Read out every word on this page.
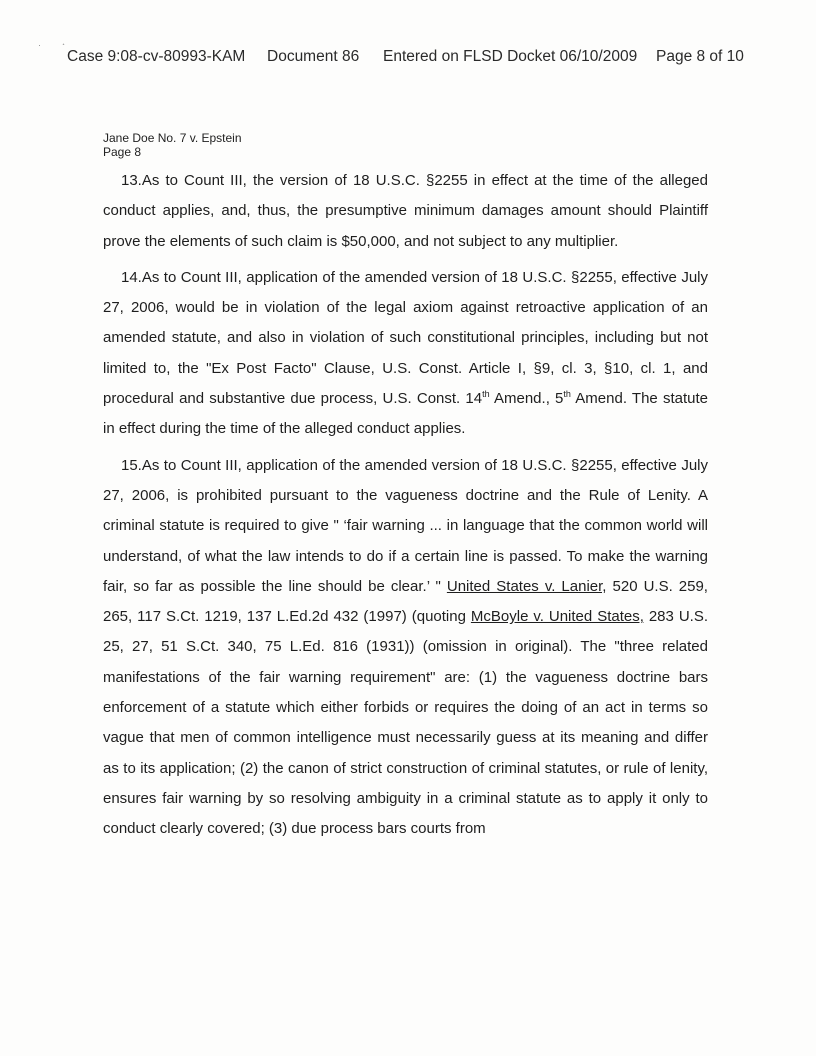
Case 9:08-cv-80993-KAM Document 86 Entered on FLSD Docket 06/10/2009 Page 8 of 10
Jane Doe No. 7 v. Epstein
Page 8

13.As to Count III, the version of 18 U.S.C. §2255 in effect at the time of the alleged conduct applies, and, thus, the presumptive minimum damages amount should Plaintiff prove the elements of such claim is $50,000, and not subject to any multiplier.

14.As to Count III, application of the amended version of 18 U.S.C. §2255, effective July 27, 2006, would be in violation of the legal axiom against retroactive application of an amended statute, and also in violation of such constitutional principles, including but not limited to, the "Ex Post Facto" Clause, U.S. Const. Article I, §9, cl. 3, §10, cl. 1, and procedural and substantive due process, U.S. Const. 14th Amend., 5th Amend. The statute in effect during the time of the alleged conduct applies.

15.As to Count III, application of the amended version of 18 U.S.C. §2255, effective July 27, 2006, is prohibited pursuant to the vagueness doctrine and the Rule of Lenity. A criminal statute is required to give " ‘fair warning ... in language that the common world will understand, of what the law intends to do if a certain line is passed. To make the warning fair, so far as possible the line should be clear.’ " United States v. Lanier, 520 U.S. 259, 265, 117 S.Ct. 1219, 137 L.Ed.2d 432 (1997) (quoting McBoyle v. United States, 283 U.S. 25, 27, 51 S.Ct. 340, 75 L.Ed. 816 (1931)) (omission in original). The "three related manifestations of the fair warning requirement" are: (1) the vagueness doctrine bars enforcement of a statute which either forbids or requires the doing of an act in terms so vague that men of common intelligence must necessarily guess at its meaning and differ as to its application; (2) the canon of strict construction of criminal statutes, or rule of lenity, ensures fair warning by so resolving ambiguity in a criminal statute as to apply it only to conduct clearly covered; (3) due process bars courts from

· ˔
